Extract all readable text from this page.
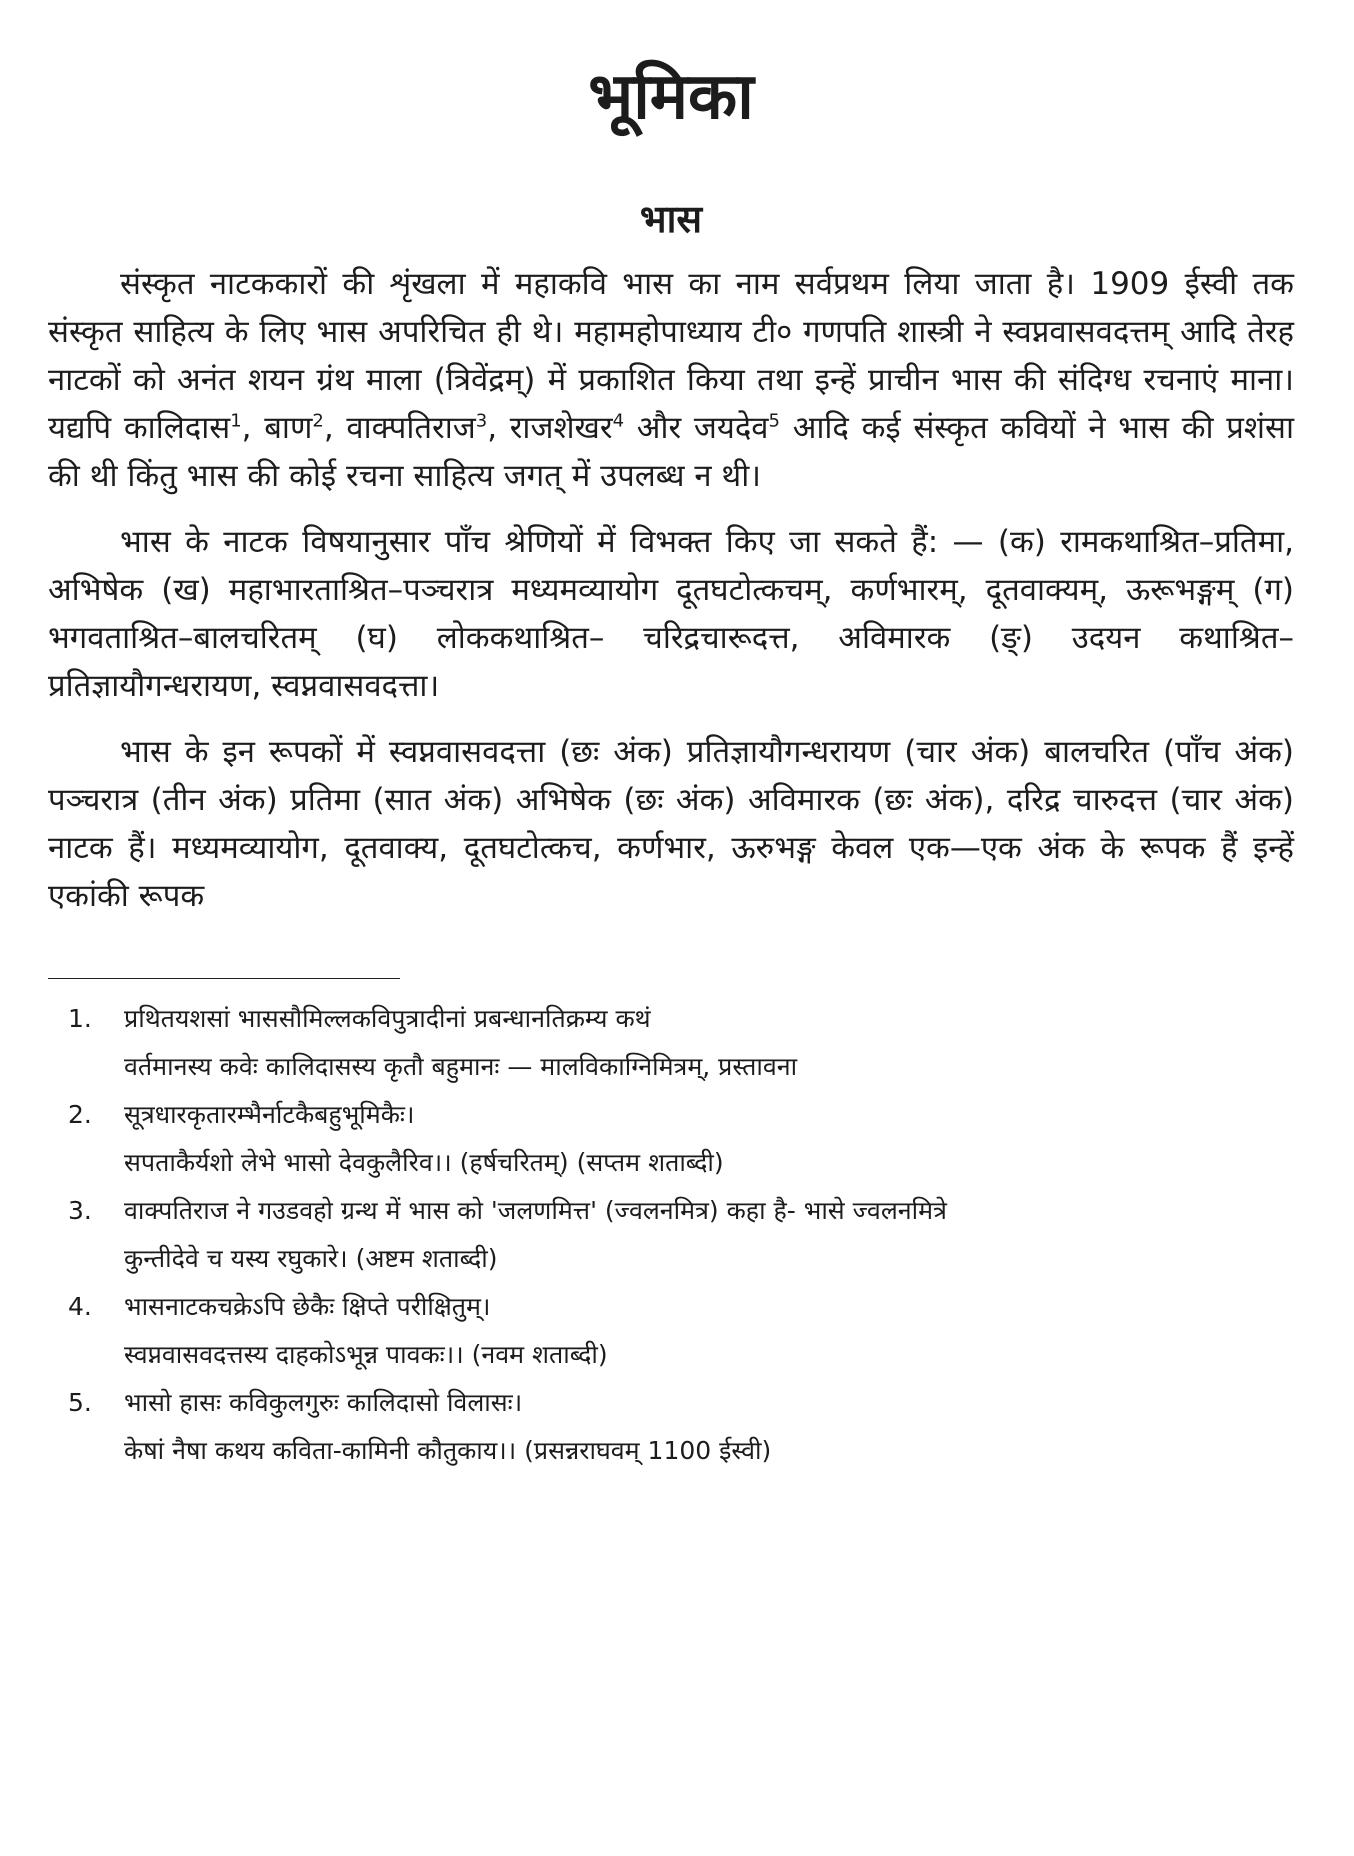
भूमिका
भास

संस्कृत नाटककारों की शृंखला में महाकवि भास का नाम सर्वप्रथम लिया जाता है। 1909 ईस्वी तक संस्कृत साहित्य के लिए भास अपरिचित ही थे। महामहोपाध्याय टी० गणपति शास्त्री ने स्वप्नवासवदत्तम् आदि तेरह नाटकों को अनंत शयन ग्रंथ माला (त्रिवेंद्रम्) में प्रकाशित किया तथा इन्हें प्राचीन भास की संदिग्ध रचनाएं माना। यद्यपि कालिदास$^1$, बाण$^2$, वाक्पतिराज$^3$, राजशेखर$^4$ और जयदेव$^5$ आदि कई संस्कृत कवियों ने भास की प्रशंसा की थी किंतु भास की कोई रचना साहित्य जगत् में उपलब्ध न थी।

भास के नाटक विषयानुसार पाँच श्रेणियों में विभक्त किए जा सकते हैं: — (क) रामकथाश्रित–प्रतिमा, अभिषेक (ख) महाभारताश्रित–पञ्चरात्र मध्यमव्यायोग दूतघटोत्कचम्, कर्णभारम्, दूतवाक्यम्, ऊरूभङ्गम् (ग) भगवताश्रित–बालचरितम् (घ) लोककथाश्रित– चरिद्रचारूदत्त, अविमारक (ङ्) उदयन कथाश्रित– प्रतिज्ञायौगन्धरायण, स्वप्नवासवदत्ता।

भास के इन रूपकों में स्वप्नवासवदत्ता (छः अंक) प्रतिज्ञायौगन्धरायण (चार अंक) बालचरित (पाँच अंक) पञ्चरात्र (तीन अंक) प्रतिमा (सात अंक) अभिषेक (छः अंक) अविमारक (छः अंक), दरिद्र चारुदत्त (चार अंक) नाटक हैं। मध्यमव्यायोग, दूतवाक्य, दूतघटोत्कच, कर्णभार, ऊरुभङ्ग केवल एक—एक अंक के रूपक हैं इन्हें एकांकी रूपक

1.	प्रथितयशसां भाससौमिल्लकविपुत्रादीनां प्रबन्धानतिक्रम्य कथं
वर्तमानस्य कवेः कालिदासस्य कृतौ बहुमानः — मालविकाग्निमित्रम्, प्रस्तावना
2.	सूत्रधारकृतारम्भैर्नाटकैबहुभूमिकैः।
सपताकैर्यशो लेभे भासो देवकुलैरिव।। (हर्षचरितम्) (सप्तम शताब्दी)
3.	वाक्पतिराज ने गउडवहो ग्रन्थ में भास को 'जलणमित्त' (ज्वलनमित्र) कहा है- भासे ज्वलनमित्रे
कुन्तीदेवे च यस्य रघुकारे। (अष्टम शताब्दी)
4.	भासनाटकचक्रेऽपि छेकैः क्षिप्ते परीक्षितुम्।
स्वप्नवासवदत्तस्य दाहकोऽभून्न पावकः।। (नवम शताब्दी)
5.	भासो हासः कविकुलगुरुः कालिदासो विलासः।
केषां नैषा कथय कविता-कामिनी कौतुकाय।। (प्रसन्नराघवम् 1100 ईस्वी)
